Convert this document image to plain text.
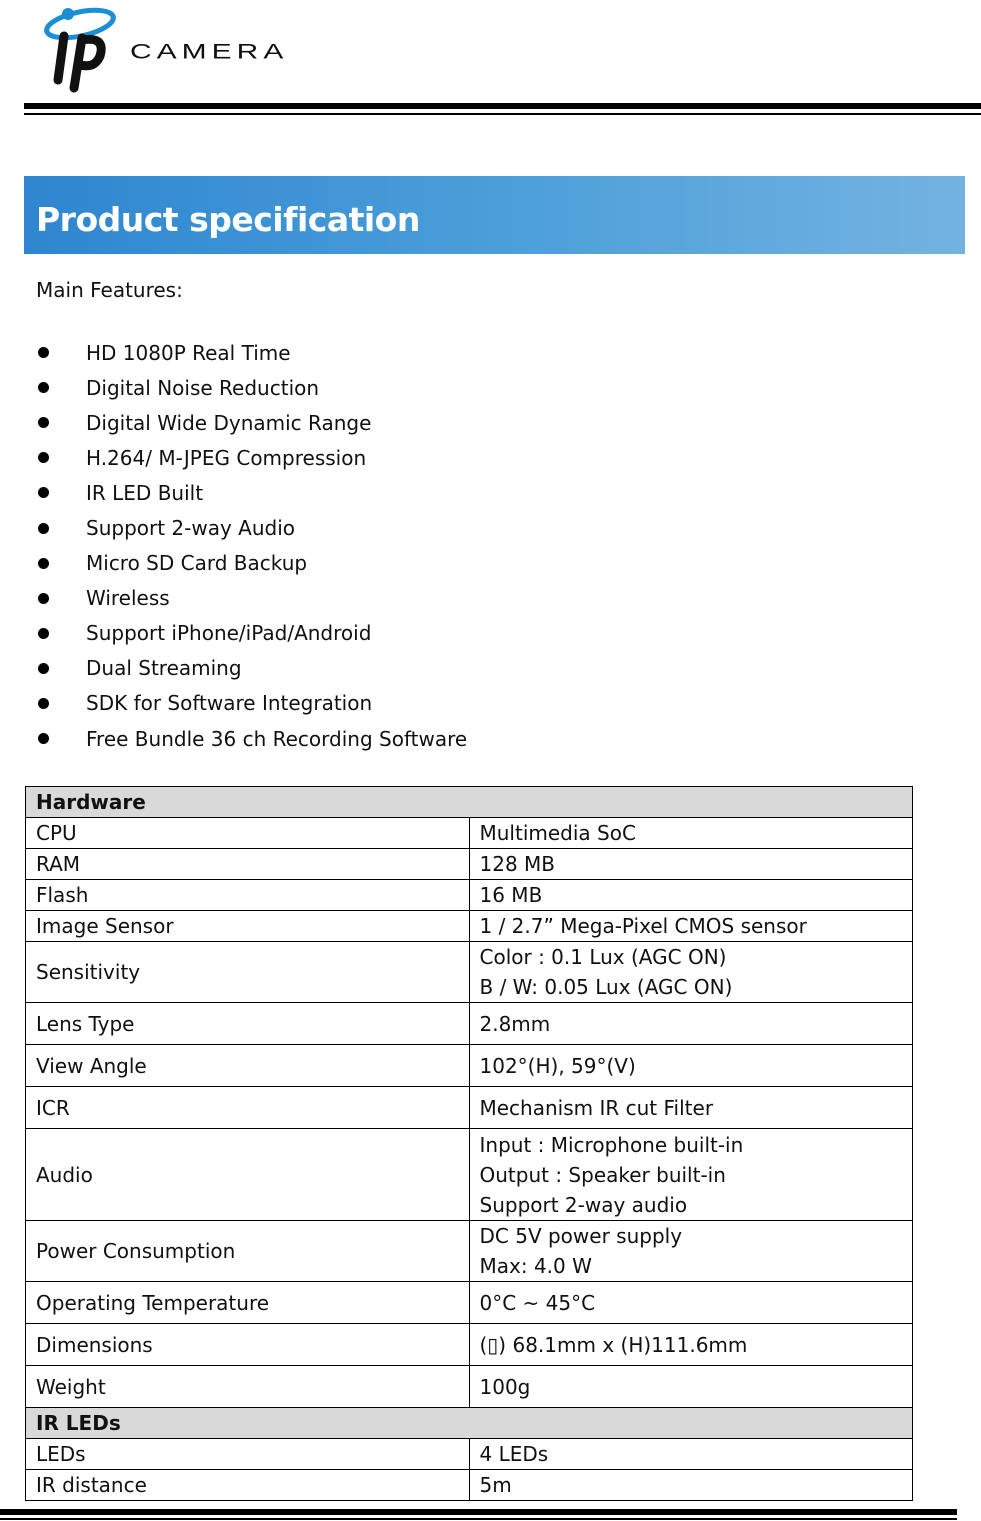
CAMERA
Product specification
Main Features:
HD 1080P Real Time
Digital Noise Reduction
Digital Wide Dynamic Range
H.264/ M-JPEG Compression
IR LED Built
Support 2-way Audio
Micro SD Card Backup
Wireless
Support iPhone/iPad/Android
Dual Streaming
SDK for Software Integration
Free Bundle 36 ch Recording Software
Hardware	
CPU	Multimedia SoC

RAM	128 MB

Flash	16 MB

Image Sensor	1 / 2.7” Mega-Pixel CMOS sensor

Sensitivity	Color : 0.1 Lux (AGC ON)
B / W: 0.05 Lux (AGC ON)

Lens Type	2.8mm

View Angle	102°(H), 59°(V)

ICR	Mechanism IR cut Filter

Audio	Input : Microphone built-in
Output : Speaker built-in
Support 2-way audio

Power Consumption	DC 5V power supply
Max: 4.0 W

Operating Temperature	0°C ~ 45°C

Dimensions	(▯) 68.1mm x (H)111.6mm

Weight	100g

IR LEDs	
LEDs	4 LEDs

IR distance	5m
